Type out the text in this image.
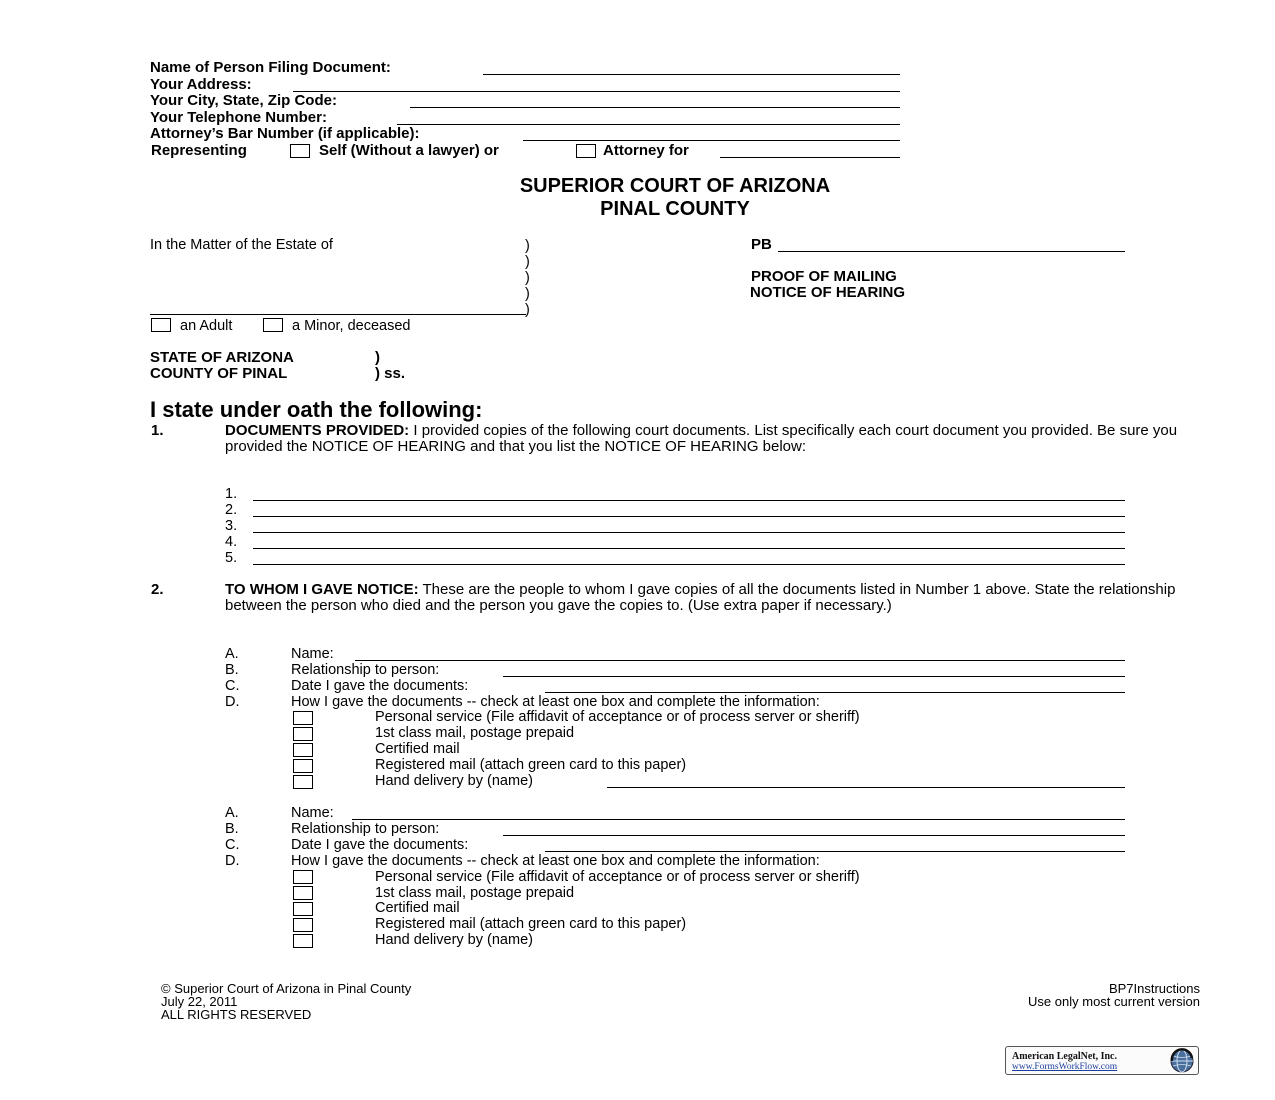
Name of Person Filing Document:
Your Address:
Your City, State, Zip Code:
Your Telephone Number:
Attorney’s Bar Number (if applicable):
Representing	Self (Without a lawyer) or	Attorney for
SUPERIOR COURT OF ARIZONA
PINAL COUNTY
In the Matter of the Estate of	)
)
)
)
)
an Adult	a Minor, deceased
PB
PROOF OF MAILING
NOTICE OF HEARING
STATE OF ARIZONA	)
COUNTY OF PINAL	) ss.
I state under oath the following:
1.	DOCUMENTS PROVIDED: I provided copies of the following court documents. List specifically each court document you provided. Be sure you provided the NOTICE OF HEARING and that you list the NOTICE OF HEARING below:
1.
2.
3.
4.
5.
2.	TO WHOM I GAVE NOTICE: These are the people to whom I gave copies of all the documents listed in Number 1 above. State the relationship between the person who died and the person you gave the copies to. (Use extra paper if necessary.)
A.	Name:
B.	Relationship to person:
C.	Date I gave the documents:
D.	How I gave the documents -- check at least one box and complete the information:
Personal service (File affidavit of acceptance or of process server or sheriff)
1st class mail, postage prepaid
Certified mail
Registered mail (attach green card to this paper)
Hand delivery by (name)
A.	Name:
B.	Relationship to person:
C.	Date I gave the documents:
D.	How I gave the documents -- check at least one box and complete the information:
Personal service (File affidavit of acceptance or of process server or sheriff)
1st class mail, postage prepaid
Certified mail
Registered mail (attach green card to this paper)
Hand delivery by (name)
© Superior Court of Arizona in Pinal County
July 22, 2011
ALL RIGHTS RESERVED
BP7Instructions
Use only most current version
American LegalNet, Inc.
www.FormsWorkFlow.com
